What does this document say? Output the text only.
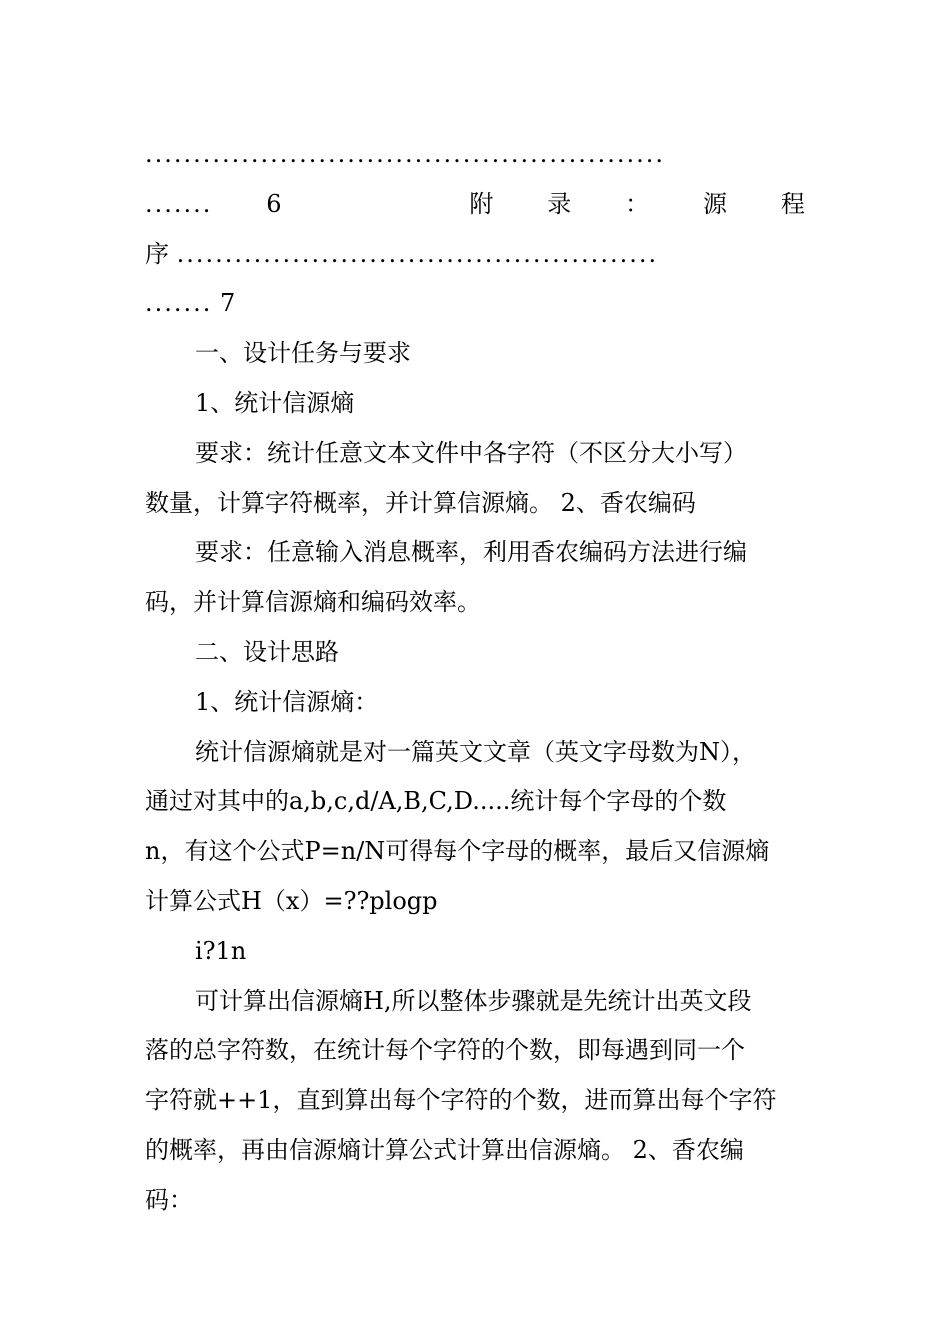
......................................................
....... 6	附 录 ： 源 程
序 ..................................................
....... 7
一、设计任务与要求
1、统计信源熵
要求：统计任意文本文件中各字符（不区分大小写）
数量，计算字符概率，并计算信源熵。 2、香农编码
要求：任意输入消息概率，利用香农编码方法进行编
码，并计算信源熵和编码效率。
二、设计思路
1、统计信源熵：
统计信源熵就是对一篇英文文章（英文字母数为N），
通过对其中的a,b,c,d/A,B,C,D.....统计每个字母的个数
n，有这个公式P=n/N可得每个字母的概率，最后又信源熵
计算公式H（x）=??plogp
i?1n
可计算出信源熵H,所以整体步骤就是先统计出英文段
落的总字符数，在统计每个字符的个数，即每遇到同一个
字符就++1，直到算出每个字符的个数，进而算出每个字符
的概率，再由信源熵计算公式计算出信源熵。 2、香农编
码：
